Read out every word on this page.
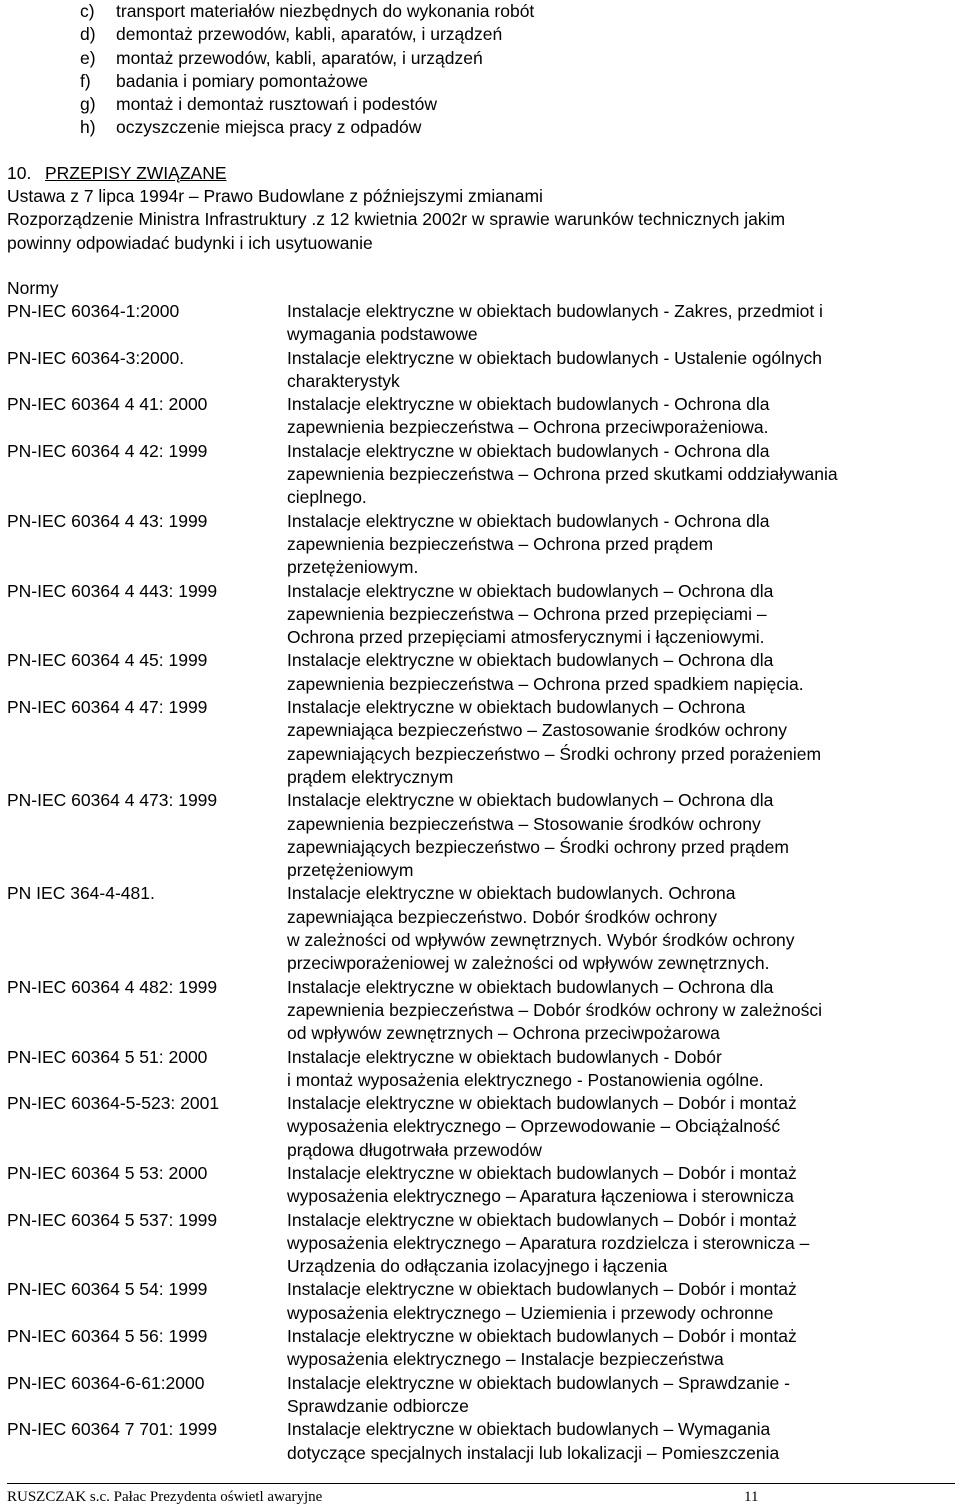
c)	transport materiałów niezbędnych do wykonania robót
d)	demontaż przewodów, kabli, aparatów, i urządzeń
e)	montaż przewodów, kabli, aparatów, i urządzeń
f)	badania i pomiary pomontażowe
g)	montaż i demontaż rusztowań i podestów
h)	oczyszczenie miejsca pracy z odpadów
10. PRZEPISY ZWIĄZANE
Ustawa z 7 lipca 1994r – Prawo Budowlane z późniejszymi zmianami
Rozporządzenie Ministra Infrastruktury .z 12 kwietnia 2002r w sprawie warunków technicznych jakim
powinny odpowiadać budynki i ich usytuowanie
Normy
PN-IEC 60364-1:2000	Instalacje elektryczne w obiektach budowlanych - Zakres, przedmiot i
wymagania podstawowe
PN-IEC 60364-3:2000.	Instalacje elektryczne w obiektach budowlanych - Ustalenie ogólnych
charakterystyk
PN-IEC 60364 4 41: 2000	Instalacje elektryczne w obiektach budowlanych - Ochrona dla
zapewnienia bezpieczeństwa – Ochrona przeciwporażeniowa.
PN-IEC 60364 4 42: 1999	Instalacje elektryczne w obiektach budowlanych - Ochrona dla
zapewnienia bezpieczeństwa – Ochrona przed skutkami oddziaływania
cieplnego.
PN-IEC 60364 4 43: 1999	Instalacje elektryczne w obiektach budowlanych - Ochrona dla
zapewnienia bezpieczeństwa – Ochrona przed prądem
przetężeniowym.
PN-IEC 60364 4 443: 1999	Instalacje elektryczne w obiektach budowlanych – Ochrona dla
zapewnienia bezpieczeństwa – Ochrona przed przepięciami –
Ochrona przed przepięciami atmosferycznymi i łączeniowymi.
PN-IEC 60364 4 45: 1999	Instalacje elektryczne w obiektach budowlanych – Ochrona dla
zapewnienia bezpieczeństwa – Ochrona przed spadkiem napięcia.
PN-IEC 60364 4 47: 1999	Instalacje elektryczne w obiektach budowlanych – Ochrona
zapewniająca bezpieczeństwo – Zastosowanie środków ochrony
zapewniających bezpieczeństwo – Środki ochrony przed porażeniem
prądem elektrycznym
PN-IEC 60364 4 473: 1999	Instalacje elektryczne w obiektach budowlanych – Ochrona dla
zapewnienia bezpieczeństwa – Stosowanie środków ochrony
zapewniających bezpieczeństwo – Środki ochrony przed prądem
przetężeniowym
PN IEC 364-4-481.	Instalacje elektryczne w obiektach budowlanych. Ochrona
zapewniająca bezpieczeństwo. Dobór środków ochrony
w zależności od wpływów zewnętrznych. Wybór środków ochrony
przeciwporażeniowej w zależności od wpływów zewnętrznych.
PN-IEC 60364 4 482: 1999	Instalacje elektryczne w obiektach budowlanych – Ochrona dla
zapewnienia bezpieczeństwa – Dobór środków ochrony w zależności
od wpływów zewnętrznych – Ochrona przeciwpożarowa
PN-IEC 60364 5 51: 2000	Instalacje elektryczne w obiektach budowlanych - Dobór
i montaż wyposażenia elektrycznego - Postanowienia ogólne.
PN-IEC 60364-5-523: 2001	Instalacje elektryczne w obiektach budowlanych – Dobór i montaż
wyposażenia elektrycznego – Oprzewodowanie – Obciążalność
prądowa długotrwała przewodów
PN-IEC 60364 5 53: 2000	Instalacje elektryczne w obiektach budowlanych – Dobór i montaż
wyposażenia elektrycznego – Aparatura łączeniowa i sterownicza
PN-IEC 60364 5 537: 1999	Instalacje elektryczne w obiektach budowlanych – Dobór i montaż
wyposażenia elektrycznego – Aparatura rozdzielcza i sterownicza –
Urządzenia do odłączania izolacyjnego i łączenia
PN-IEC 60364 5 54: 1999	Instalacje elektryczne w obiektach budowlanych – Dobór i montaż
wyposażenia elektrycznego – Uziemienia i przewody ochronne
PN-IEC 60364 5 56: 1999	Instalacje elektryczne w obiektach budowlanych – Dobór i montaż
wyposażenia elektrycznego – Instalacje bezpieczeństwa
PN-IEC 60364-6-61:2000	Instalacje elektryczne w obiektach budowlanych – Sprawdzanie -
Sprawdzanie odbiorcze
PN-IEC 60364 7 701: 1999	Instalacje elektryczne w obiektach budowlanych – Wymagania
dotyczące specjalnych instalacji lub lokalizacji – Pomieszczenia
RUSZCZAK s.c. Pałac Prezydenta oświetl awaryjne	11
